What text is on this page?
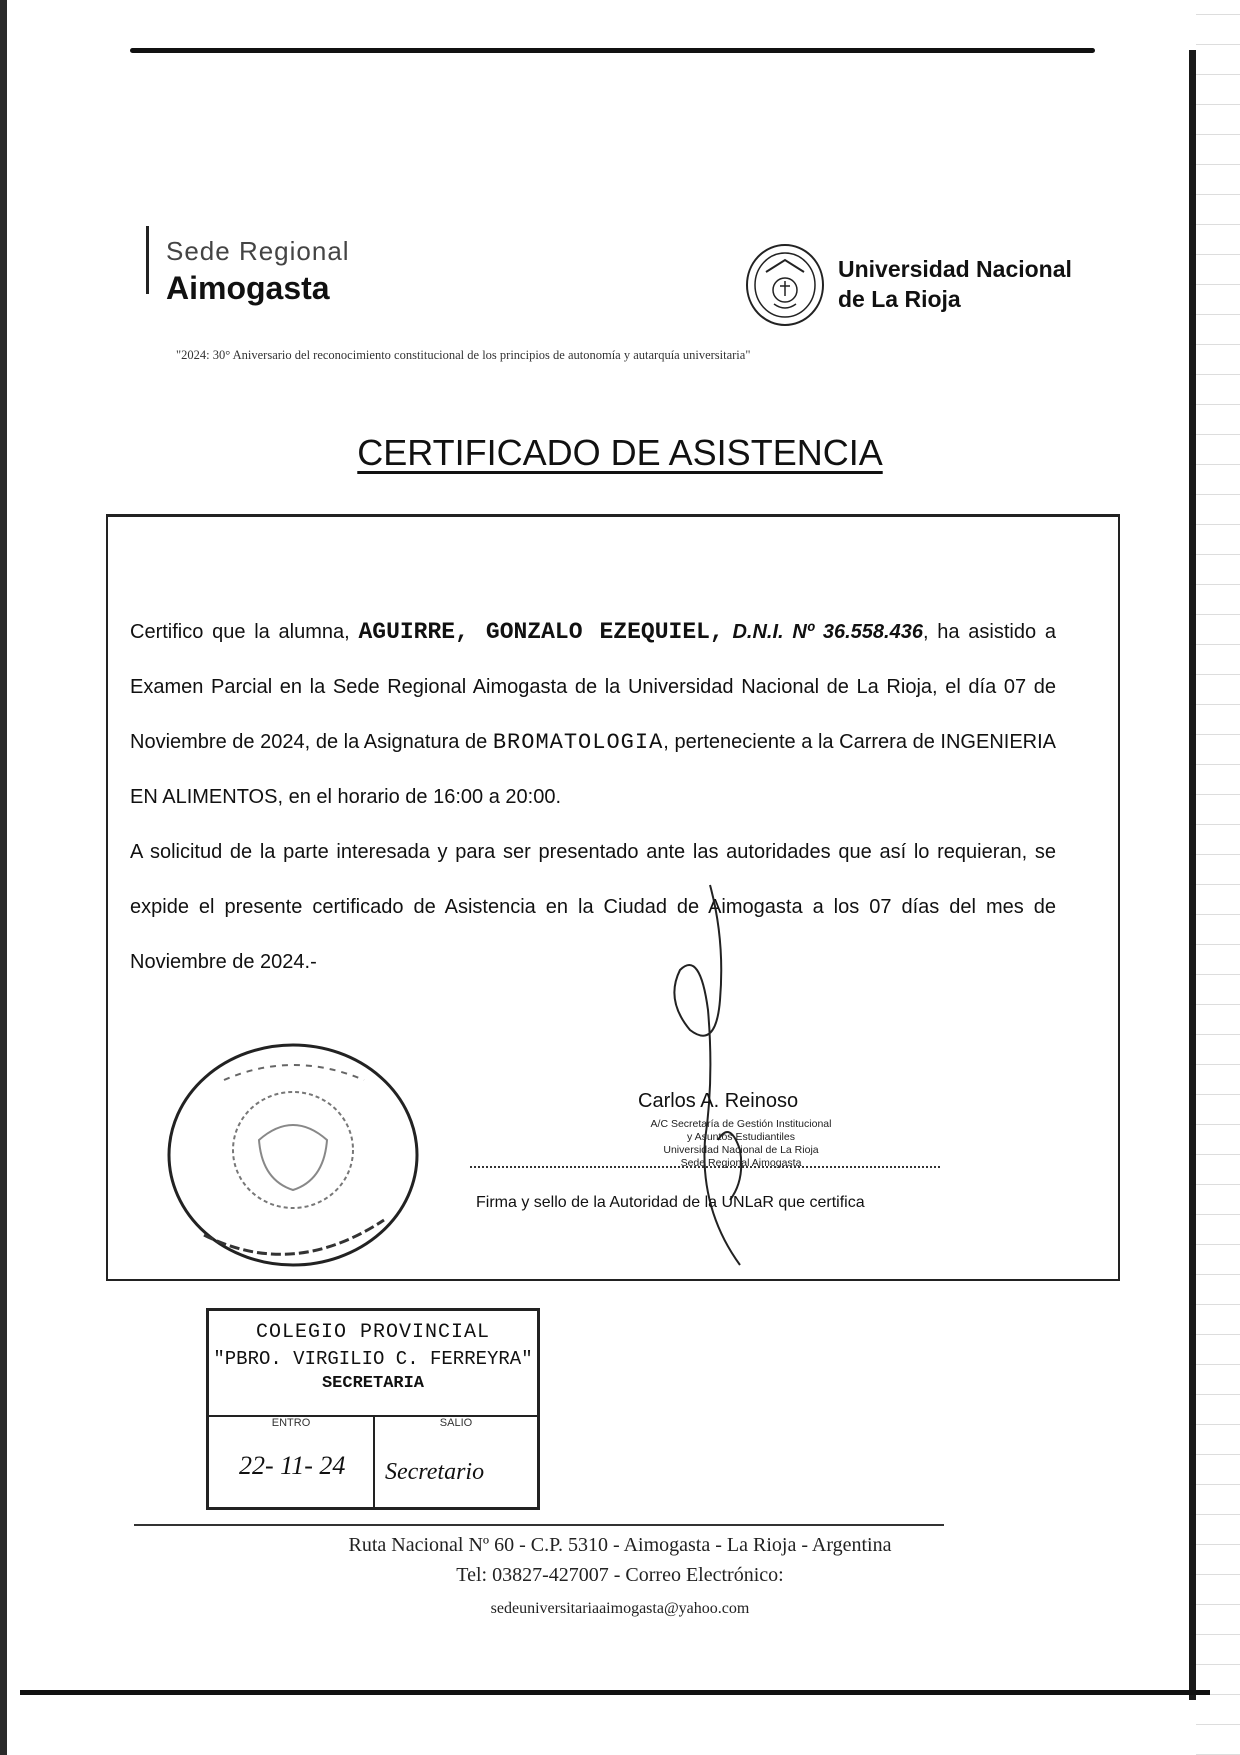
Sede Regional
Aimogasta
Universidad Nacional
de La Rioja
"2024: 30° Aniversario del reconocimiento constitucional de los principios de autonomía y autarquía universitaria"
CERTIFICADO DE ASISTENCIA

Certifico que la alumna, AGUIRRE, GONZALO EZEQUIEL, D.N.I. Nº 36.558.436, ha asistido a Examen Parcial en la Sede Regional Aimogasta de la Universidad Nacional de La Rioja, el día 07 de Noviembre de 2024, de la Asignatura de BROMATOLOGIA, perteneciente a la Carrera de INGENIERIA EN ALIMENTOS, en el horario de 16:00 a 20:00.

A solicitud de la parte interesada y para ser presentado ante las autoridades que así lo requieran, se expide el presente certificado de Asistencia en la Ciudad de Aimogasta a los 07 días del mes de Noviembre de 2024.-

Carlos A. Reinoso
A/C Secretaría de Gestión Institucional
y Asuntos Estudiantiles
Universidad Nacional de La Rioja
Sede Regional Aimogasta
Firma y sello de la Autoridad de la UNLaR que certifica
COLEGIO PROVINCIAL
"PBRO. VIRGILIO C. FERREYRA"
SECRETARIA
ENTRO
22- 11- 24
SALIO
Secretario
Ruta Nacional Nº 60 - C.P. 5310 - Aimogasta - La Rioja - Argentina
Tel: 03827-427007 - Correo Electrónico:
sedeuniversitariaaimogasta@yahoo.com
